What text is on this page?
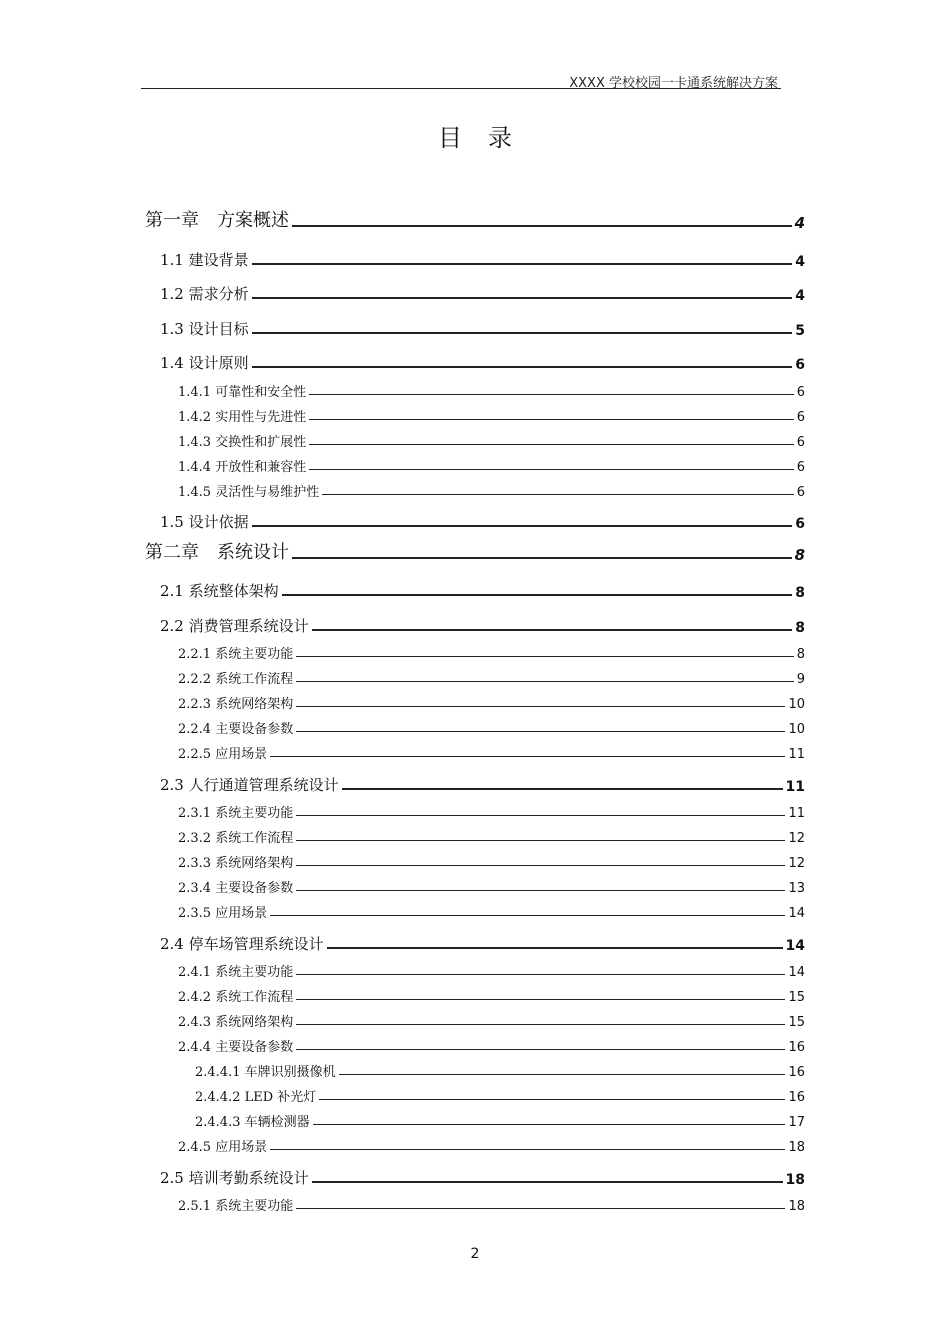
XXXX 学校校园一卡通系统解决方案
目录
第一章　方案概述	4
1.1 建设背景	4
1.2 需求分析	4
1.3 设计目标	5
1.4 设计原则	6
1.4.1 可靠性和安全性	6
1.4.2 实用性与先进性	6
1.4.3 交换性和扩展性	6
1.4.4 开放性和兼容性	6
1.4.5 灵活性与易维护性	6
1.5 设计依据	6
第二章　系统设计	8
2.1 系统整体架构	8
2.2 消费管理系统设计	8
2.2.1 系统主要功能	8
2.2.2 系统工作流程	9
2.2.3 系统网络架构	10
2.2.4 主要设备参数	10
2.2.5 应用场景	11
2.3 人行通道管理系统设计	11
2.3.1 系统主要功能	11
2.3.2 系统工作流程	12
2.3.3 系统网络架构	12
2.3.4 主要设备参数	13
2.3.5 应用场景	14
2.4 停车场管理系统设计	14
2.4.1 系统主要功能	14
2.4.2 系统工作流程	15
2.4.3 系统网络架构	15
2.4.4 主要设备参数	16
2.4.4.1 车牌识别摄像机	16
2.4.4.2 LED 补光灯	16
2.4.4.3 车辆检测器	17
2.4.5 应用场景	18
2.5 培训考勤系统设计	18
2.5.1 系统主要功能	18
2
